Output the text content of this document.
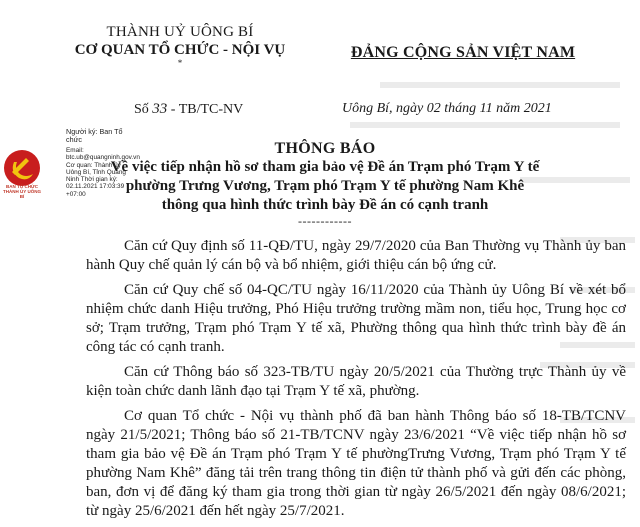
THÀNH UỶ UÔNG BÍ
CƠ QUAN TỔ CHỨC - NỘI VỤ
*
ĐẢNG CỘNG SẢN VIỆT NAM
Số 33 - TB/TC-NV	Uông Bí, ngày 02 tháng 11 năm 2021
BAN TỔ CHỨC THÀNH ỦY UÔNG BÍ
Người ký: Ban Tổ chức
Email: btc.ub@quangninh.gov.vn Cơ quan: Thành ủy Uông Bí, Tỉnh Quảng Ninh Thời gian ký: 02.11.2021 17:03:39 +07:00
THÔNG BÁO
Về việc tiếp nhận hồ sơ tham gia bảo vệ Đề án Trạm phó Trạm Y tế phường Trưng Vương, Trạm phó Trạm Y tế phường Nam Khê thông qua hình thức trình bày Đề án có cạnh tranh
------------

Căn cứ Quy định số 11-QĐ/TU, ngày 29/7/2020 của Ban Thường vụ Thành ủy ban hành Quy chế quản lý cán bộ và bổ nhiệm, giới thiệu cán bộ ứng cử.

Căn cứ Quy chế số 04-QC/TU ngày 16/11/2020 của Thành ủy Uông Bí về xét bổ nhiệm chức danh Hiệu trưởng, Phó Hiệu trưởng trường mầm non, tiểu học, Trung học cơ sở; Trạm trưởng, Trạm phó Trạm Y tế xã, Phường thông qua hình thức trình bày đề án công tác có cạnh tranh.

Căn cứ Thông báo số 323-TB/TU ngày 20/5/2021 của Thường trực Thành ủy về kiện toàn chức danh lãnh đạo tại Trạm Y tế xã, phường.

Cơ quan Tổ chức - Nội vụ thành phố đã ban hành Thông báo số 18-TB/TCNV ngày 21/5/2021; Thông báo số 21-TB/TCNV ngày 23/6/2021 “Về việc tiếp nhận hồ sơ tham gia bảo vệ Đề án Trạm phó Trạm Y tế phườngTrưng Vương, Trạm phó Trạm Y tế phường Nam Khê” đăng tải trên trang thông tin điện tử thành phố và gửi đến các phòng, ban, đơn vị để đăng ký tham gia trong thời gian từ ngày 26/5/2021 đến ngày 08/6/2021; từ ngày 25/6/2021 đến hết ngày 25/7/2021.
